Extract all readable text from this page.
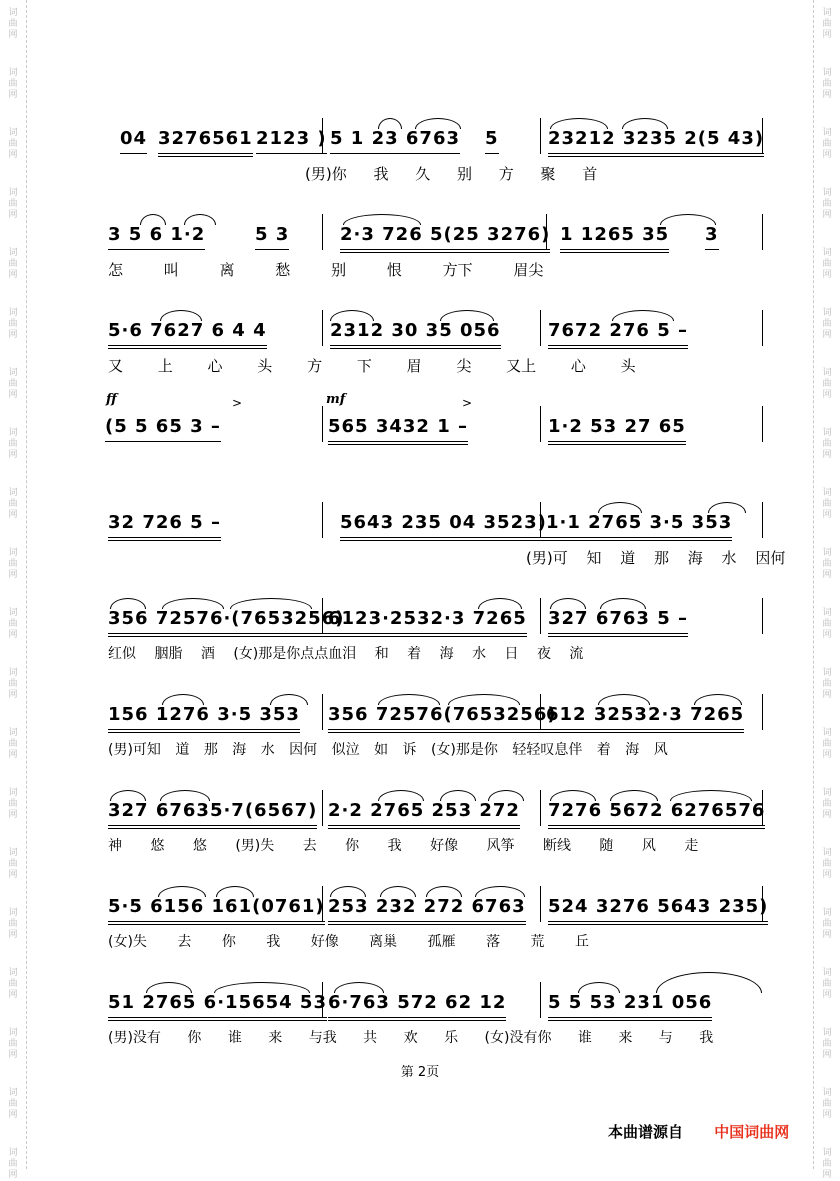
词曲网
词曲网
词曲网
词曲网
词曲网
词曲网
词曲网
词曲网
词曲网
词曲网
词曲网
词曲网
词曲网
词曲网
词曲网
词曲网
词曲网
词曲网
词曲网
词曲网
词曲网
词曲网
词曲网
词曲网
词曲网
词曲网
词曲网
词曲网
词曲网
词曲网
词曲网
词曲网
词曲网
词曲网
词曲网
词曲网
词曲网
词曲网
词曲网
词曲网
04 3276561 2123 ) 5 1 23 6763 5	23212 3235 2(5 43)
(男)你 我 久 别 方 聚 首
3 5 6 1·2	5 3	2·3 726 5(25 3276) 1 1265 35 3
怎 叫 离 愁 别 恨 方下 眉尖
5·6 7627 6 4 4	2312 30 35 056	7672 276 5 –
又 上 心 头 方 下 眉 尖 又上 心 头
ff
(5 5 65 3 –
>	mf
565 3432 1 –
>
1·2 53 27 65
32 726 5 –	5643 235 04 3523) 1·1 2765 3·5 353
(男)可 知 道 那 海 水 因何
356 72576·(7653256)
6123·2532·3 7265 327 6763 5 –
红似 胭脂 酒 (女)那是你点点血泪 和 着 海 水 日 夜 流
156 1276 3·5 353 356 72576(7653256)
612 32532·3 7265
(男)可知 道 那 海 水 因何 似泣 如 诉 (女)那是你 轻轻叹息伴 着 海 风
327 67635·7(6567) 2·2 2765 253 272 7276 5672 6276576
神 悠 悠 (男)失 去 你 我 好像 风筝 断线 随 风 走
5·5 6156 161(0761) 253 232 272 6763 524 3276 5643 235)
(女)失 去 你 我 好像 离巢 孤雁 落 荒 丘
51 2765 6·15654 53 6·763 572 62 12 5 5 53 231 056
(男)没有 你 谁 来 与我 共 欢 乐 (女)没有你 谁 来 与 我
第 2页
本曲谱源自 中国词曲网
